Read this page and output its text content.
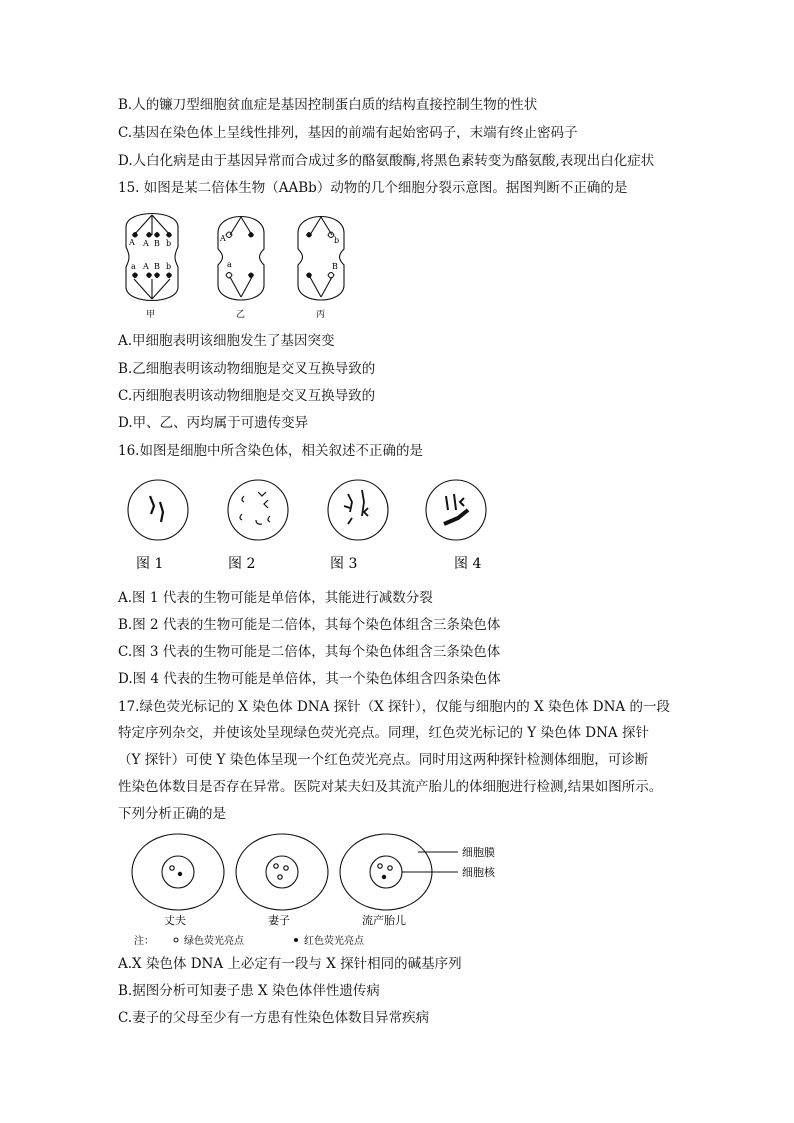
B.人的镰刀型细胞贫血症是基因控制蛋白质的结构直接控制生物的性状
C.基因在染色体上呈线性排列，基因的前端有起始密码子，末端有终止密码子
D.人白化病是由于基因异常而合成过多的酪氨酸酶,将黑色素转变为酪氨酸,表现出白化症状
15. 如图是某二倍体生物（AABb）动物的几个细胞分裂示意图。据图判断不正确的是
A A B b
a A B b
A
a
b
B
甲	乙	丙
A.甲细胞表明该细胞发生了基因突变
B.乙细胞表明该动物细胞是交叉互换导致的
C.丙细胞表明该动物细胞是交叉互换导致的
D.甲、乙、丙均属于可遗传变异
16.如图是细胞中所含染色体，相关叙述不正确的是
图 1	图 2	图 3	图 4
A.图 1 代表的生物可能是单倍体，其能进行减数分裂
B.图 2 代表的生物可能是二倍体，其每个染色体组含三条染色体
C.图 3 代表的生物可能是二倍体，其每个染色体组含三条染色体
D.图 4 代表的生物可能是单倍体，其一个染色体组含四条染色体
17.绿色荧光标记的 X 染色体 DNA 探针（X 探针），仅能与细胞内的 X 染色体 DNA 的一段
特定序列杂交，并使该处呈现绿色荧光亮点。同理，红色荧光标记的 Y 染色体 DNA 探针
（Y 探针）可使 Y 染色体呈现一个红色荧光亮点。同时用这两种探针检测体细胞，可诊断
性染色体数目是否存在异常。医院对某夫妇及其流产胎儿的体细胞进行检测,结果如图所示。
下列分析正确的是
细胞膜
细胞核
丈夫	妻子	流产胎儿
注：	绿色荧光亮点	红色荧光亮点
A.X 染色体 DNA 上必定有一段与 X 探针相同的碱基序列
B.据图分析可知妻子患 X 染色体伴性遗传病
C.妻子的父母至少有一方患有性染色体数目异常疾病
